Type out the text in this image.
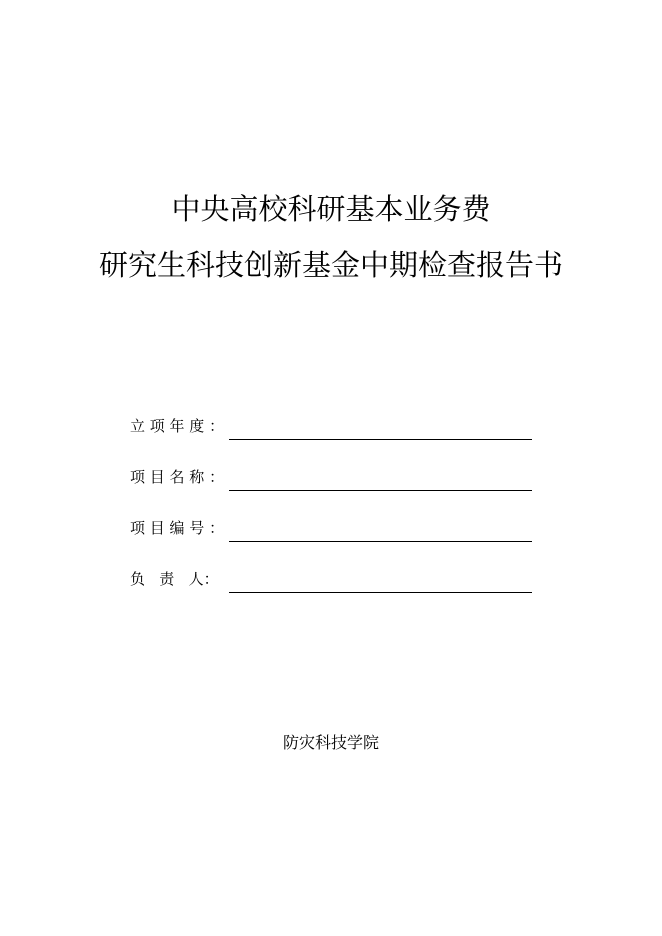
中央高校科研基本业务费
研究生科技创新基金中期检查报告书
立 项 年 度 ：
项 目 名 称 ：
项 目 编 号 ：
负   责   人：
防灾科技学院
